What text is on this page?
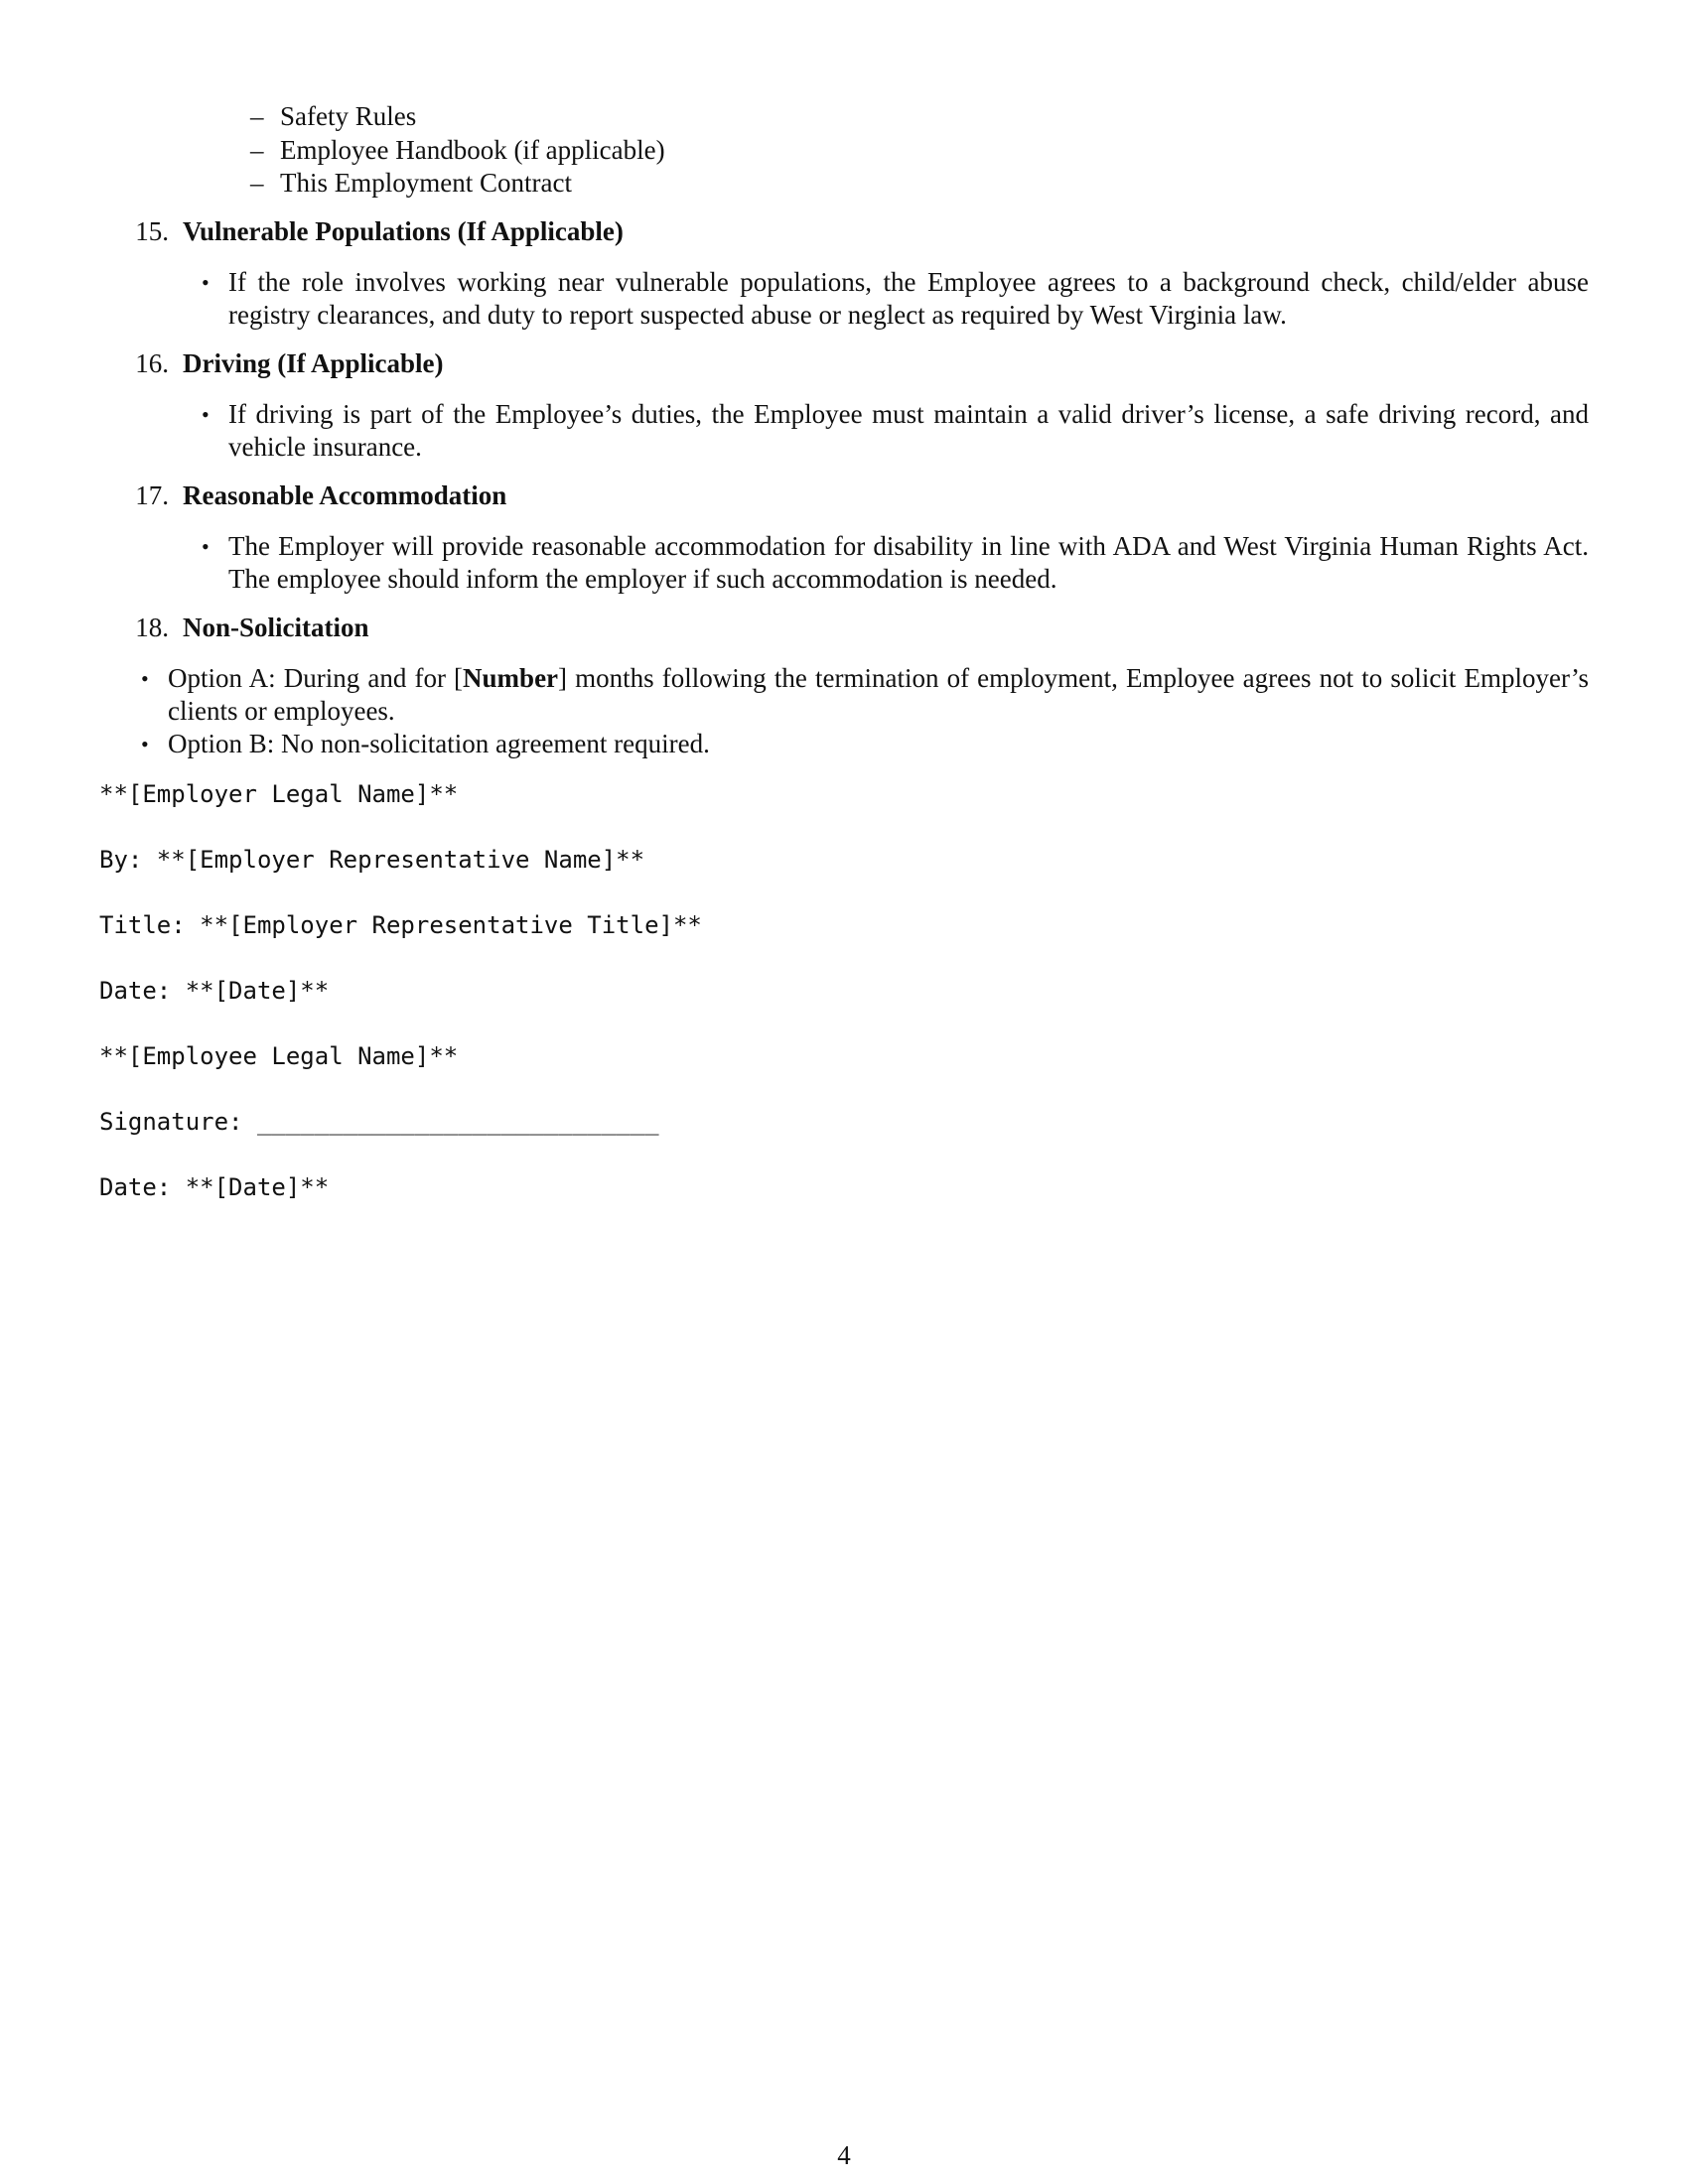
– Safety Rules
– Employee Handbook (if applicable)
– This Employment Contract
15. Vulnerable Populations (If Applicable)
• If the role involves working near vulnerable populations, the Employee agrees to a background check, child/elder abuse registry clearances, and duty to report suspected abuse or neglect as required by West Virginia law.
16. Driving (If Applicable)
• If driving is part of the Employee’s duties, the Employee must maintain a valid driver’s license, a safe driving record, and vehicle insurance.
17. Reasonable Accommodation
• The Employer will provide reasonable accommodation for disability in line with ADA and West Virginia Human Rights Act. The employee should inform the employer if such accommodation is needed.
18. Non-Solicitation
• Option A: During and for [Number] months following the termination of employment, Employee agrees not to solicit Employer’s clients or employees.
• Option B: No non-solicitation agreement required.
**[Employer Legal Name]**
By: **[Employer Representative Name]**
Title: **[Employer Representative Title]**
Date: **[Date]**
**[Employee Legal Name]**
Signature: ____________________________
Date: **[Date]**
4
